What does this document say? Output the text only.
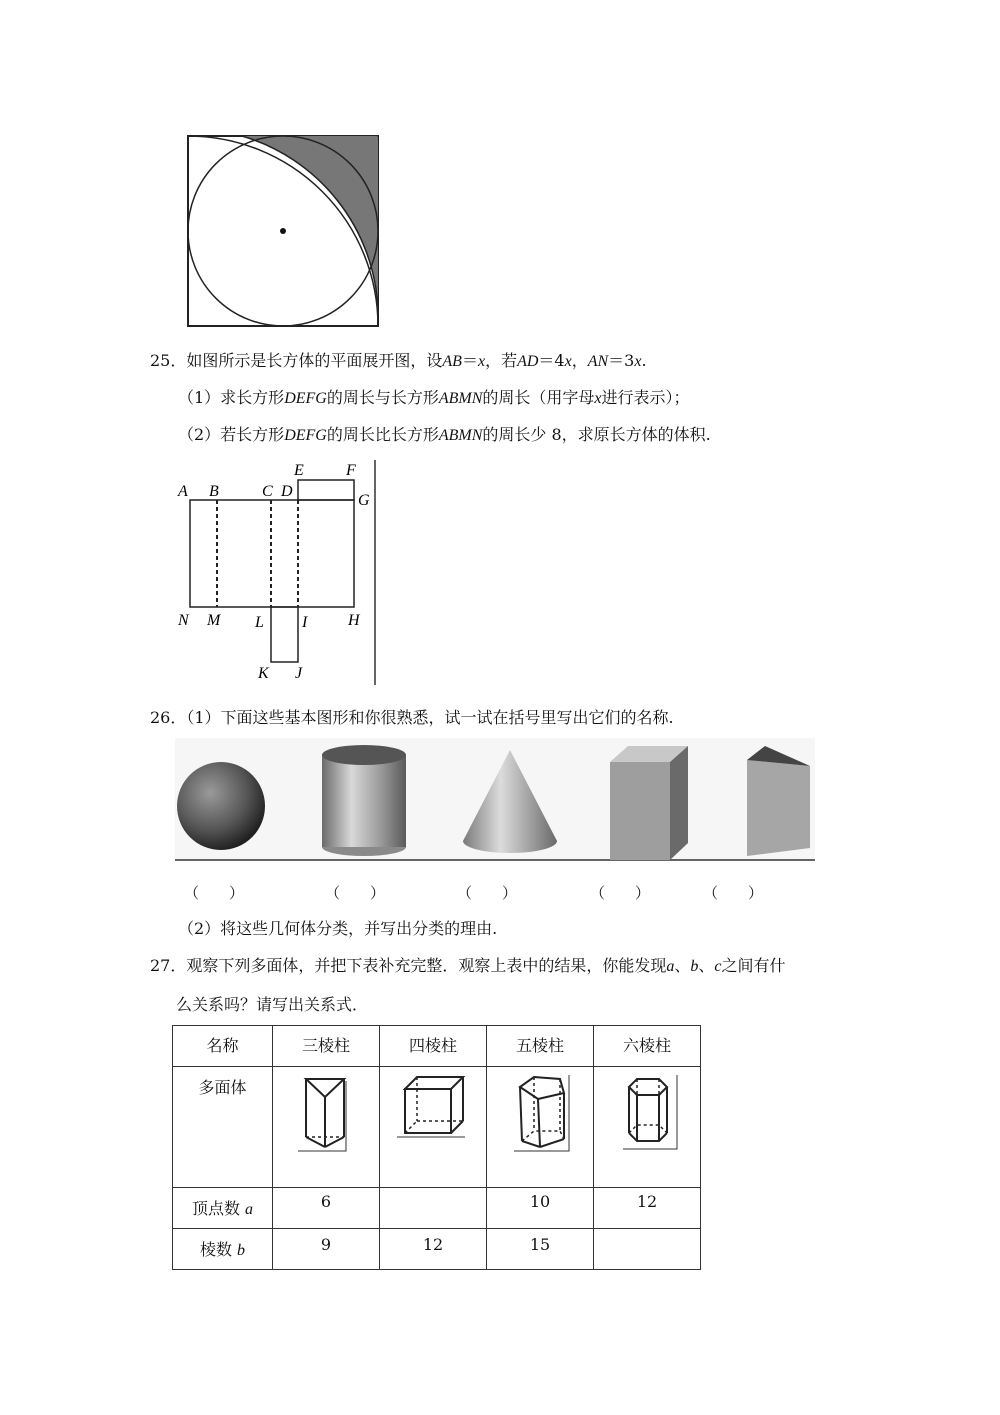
25．如图所示是长方体的平面展开图，设AB＝x，若AD＝4x，AN＝3x.
（1）求长方形DEFG的周长与长方形ABMN的周长（用字母x进行表示）；
（2）若长方形DEFG的周长比长方形ABMN的周长少 8，求原长方体的体积.
A B	C D
E	F
G
N M L I	H
K J
26．（1）下面这些基本图形和你很熟悉，试一试在括号里写出它们的名称.
（　　）	（　　）	（　　）	（　　）	（　　）
（2）将这些几何体分类，并写出分类的理由.
27．观察下列多面体，并把下表补充完整．观察上表中的结果，你能发现a、b、c之间有什
么关系吗？请写出关系式．
名称	三棱柱	四棱柱	五棱柱	六棱柱
多面体				
顶点数 a	6		10	12
棱数 b	9	12	15	
